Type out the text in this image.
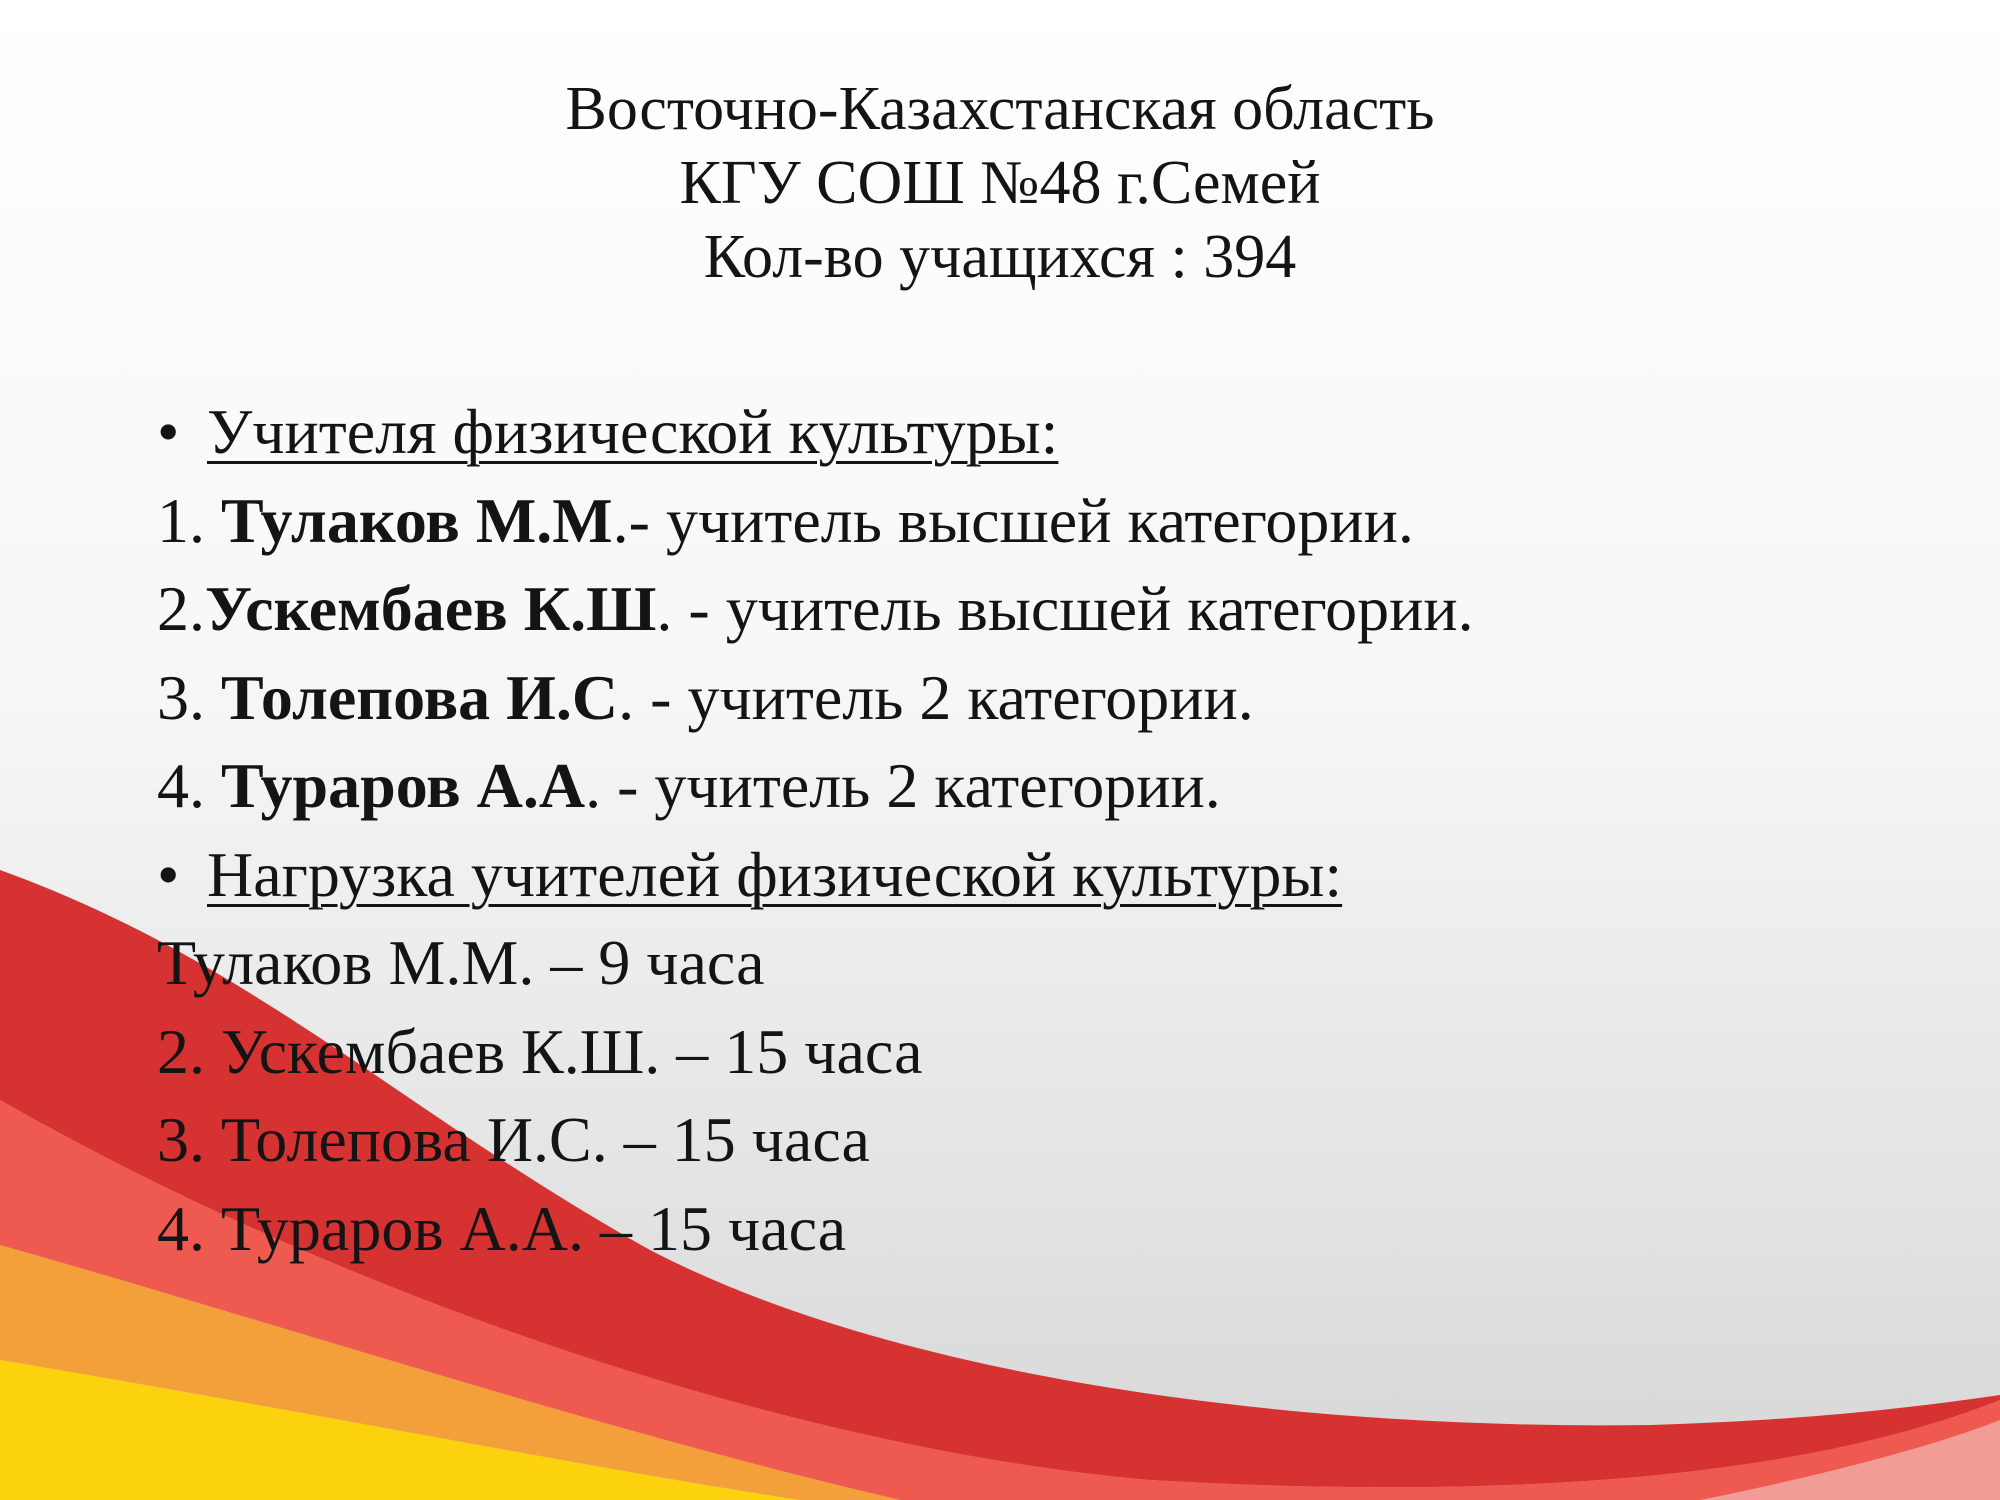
Восточно-Казахстанская область
КГУ СОШ №48 г.Семей
Кол-во учащихся : 394
• Учителя физической культуры:
1. Тулаков М.М.- учитель высшей категории.
2.Ускембаев К.Ш. - учитель высшей категории.
3. Толепова И.С. - учитель 2 категории.
4. Тураров А.А. - учитель 2 категории.
• Нагрузка учителей физической культуры:
Тулаков М.М. – 9 часа
2. Ускембаев К.Ш. – 15 часа
3. Толепова И.С. – 15 часа
4. Тураров А.А. – 15 часа
